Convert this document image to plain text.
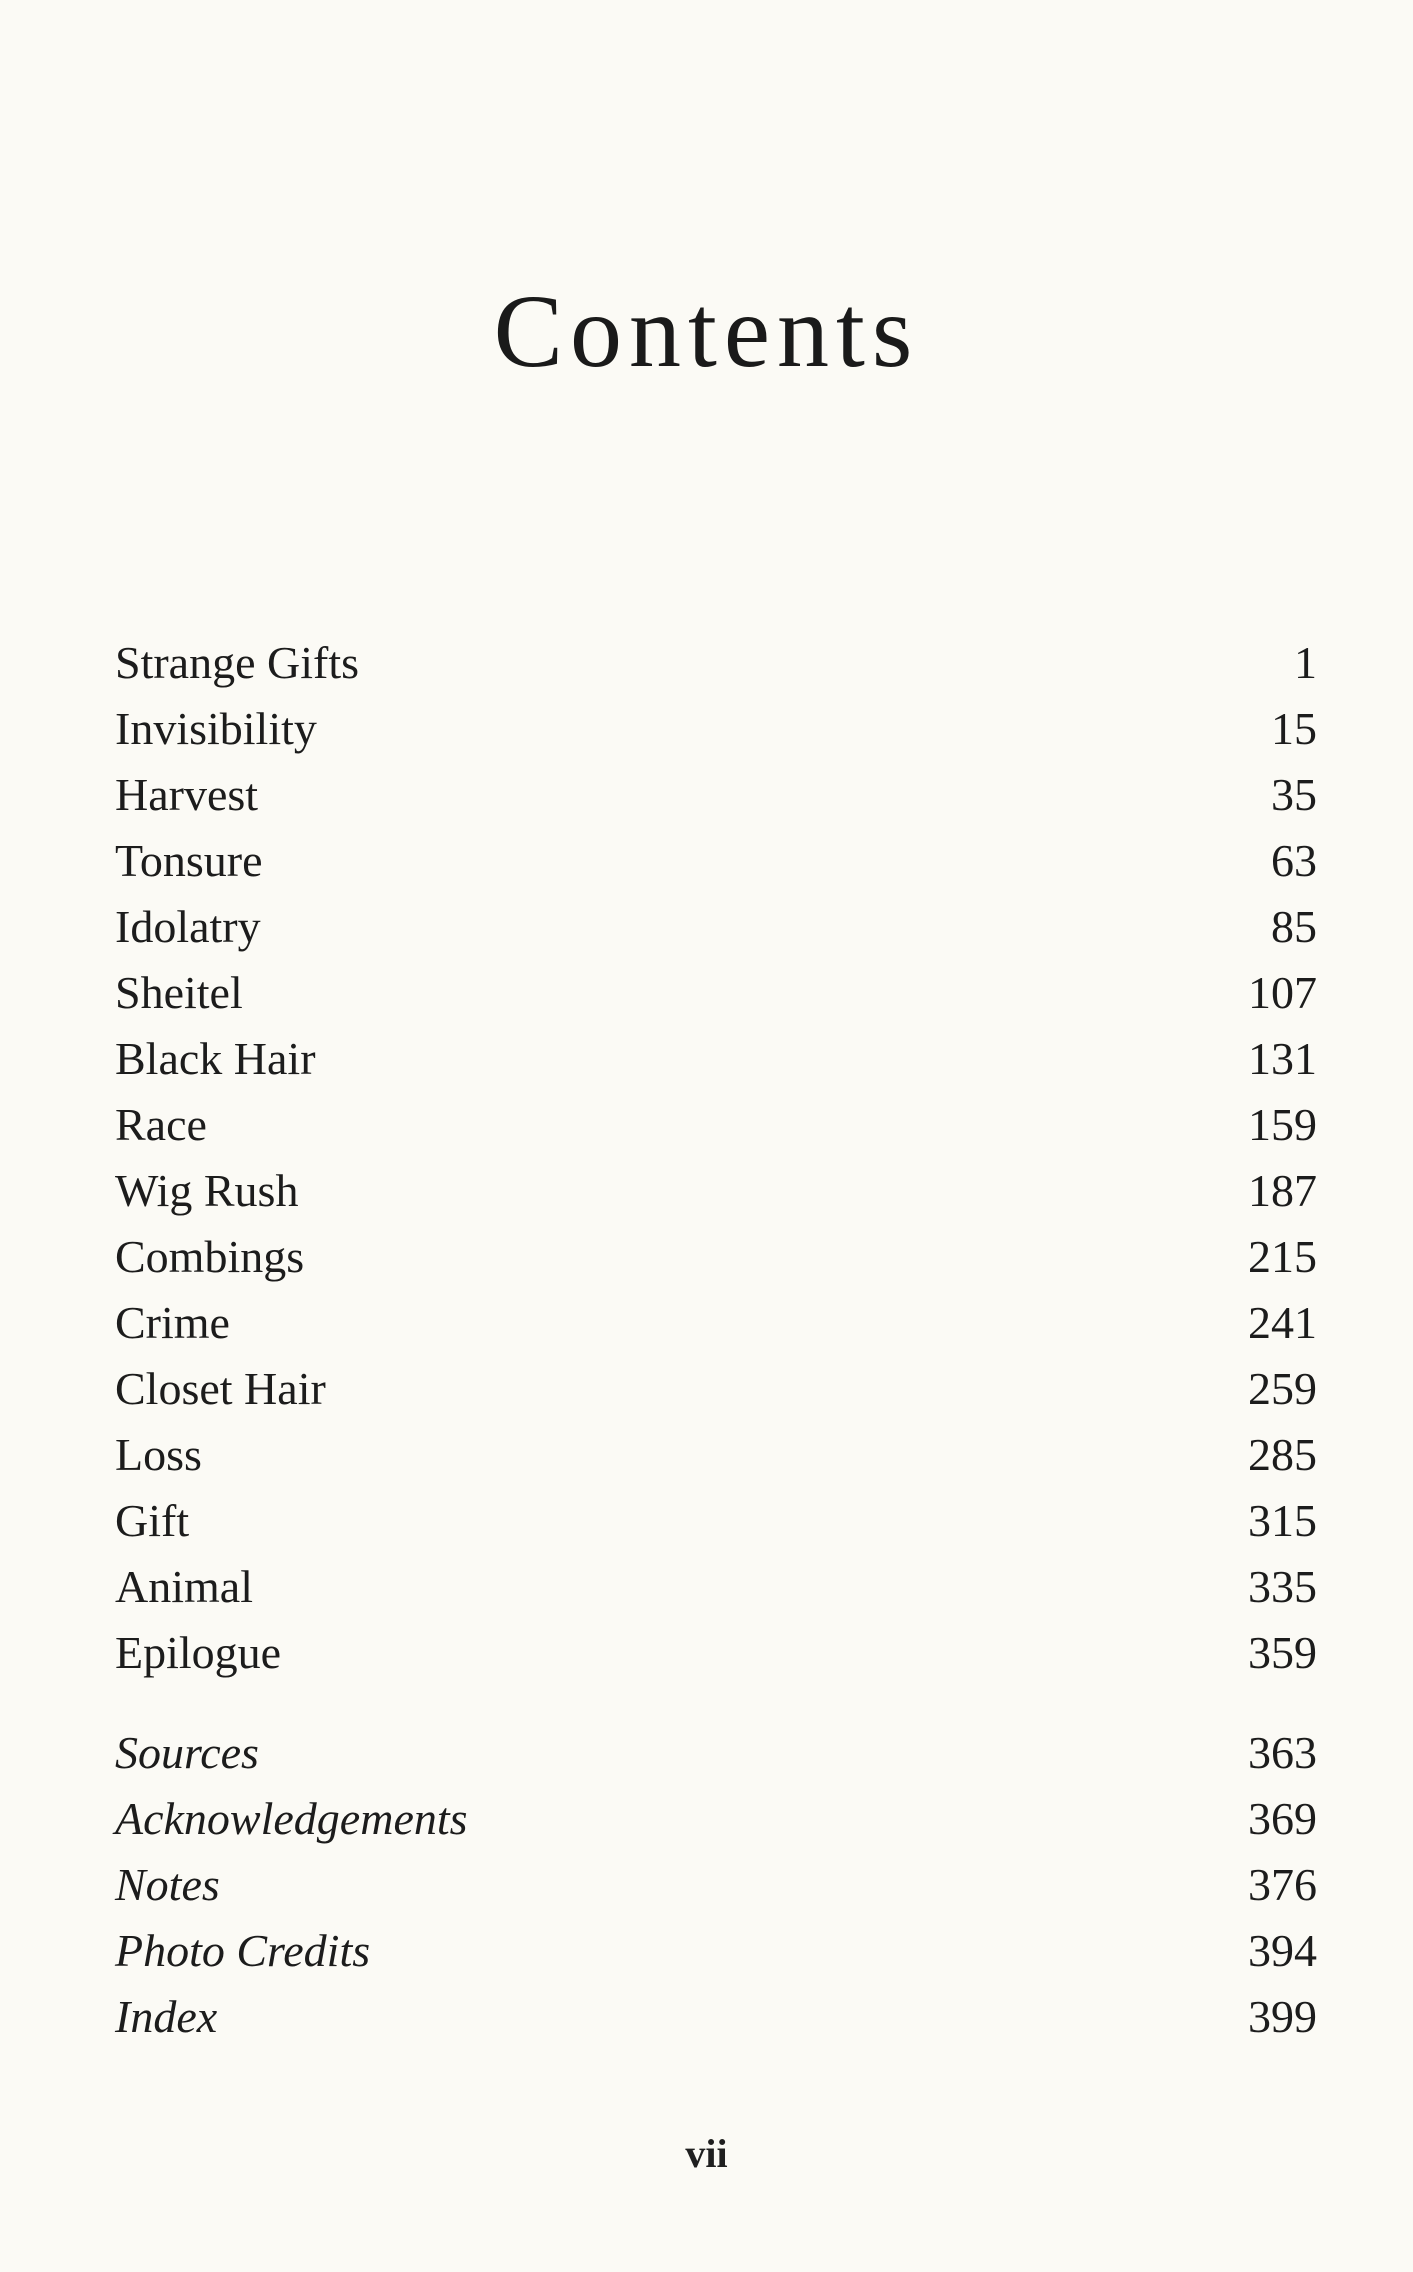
Contents
Strange Gifts	1
Invisibility	15
Harvest	35
Tonsure	63
Idolatry	85
Sheitel	107
Black Hair	131
Race	159
Wig Rush	187
Combings	215
Crime	241
Closet Hair	259
Loss	285
Gift	315
Animal	335
Epilogue	359
Sources	363
Acknowledgements	369
Notes	376
Photo Credits	394
Index	399
vii
